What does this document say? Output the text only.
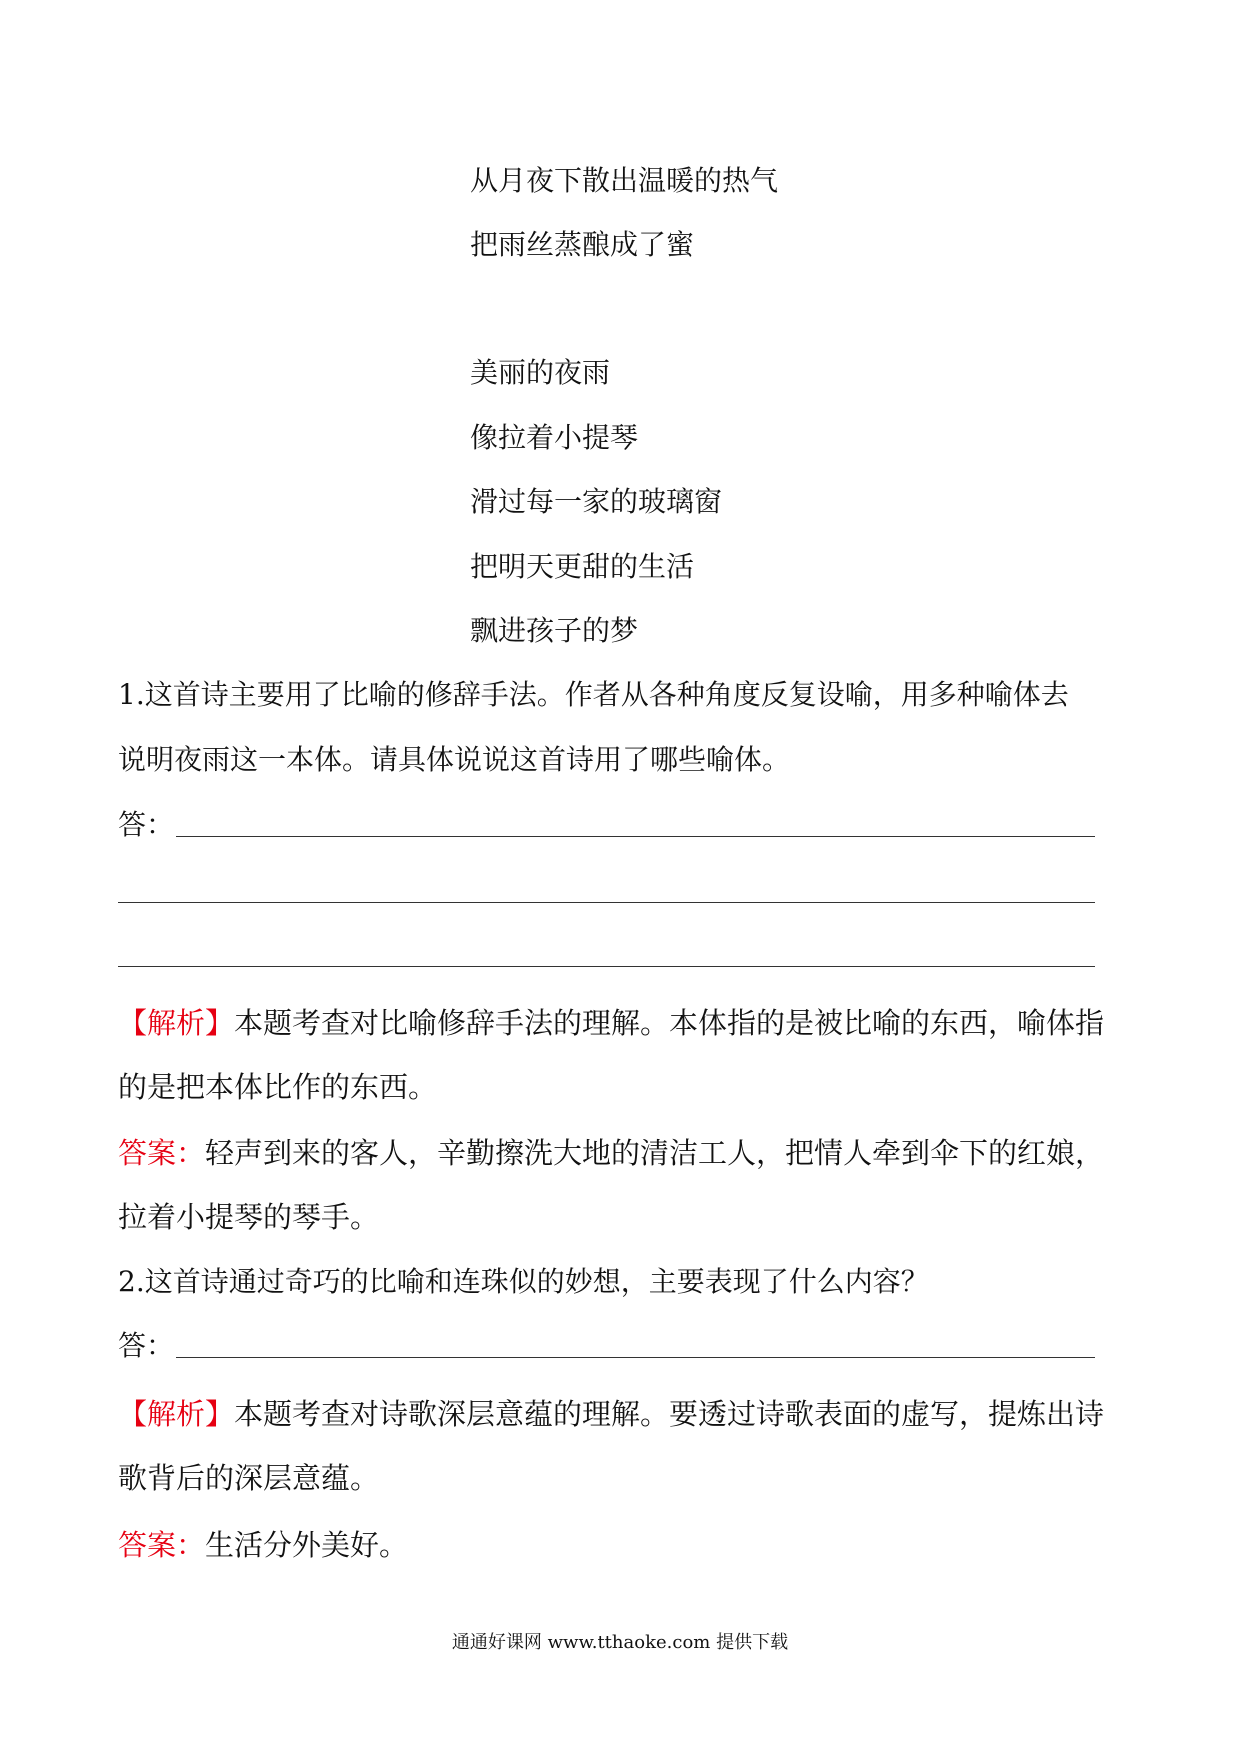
从月夜下散出温暖的热气
把雨丝蒸酿成了蜜
美丽的夜雨
像拉着小提琴
滑过每一家的玻璃窗
把明天更甜的生活
飘进孩子的梦
1.这首诗主要用了比喻的修辞手法。作者从各种角度反复设喻，用多种喻体去
说明夜雨这一本体。请具体说说这首诗用了哪些喻体。
答：
【解析】本题考查对比喻修辞手法的理解。本体指的是被比喻的东西，喻体指的是把本体比作的东西。
答案：轻声到来的客人，辛勤擦洗大地的清洁工人，把情人牵到伞下的红娘，拉着小提琴的琴手。
2.这首诗通过奇巧的比喻和连珠似的妙想，主要表现了什么内容？
答：
【解析】本题考查对诗歌深层意蕴的理解。要透过诗歌表面的虚写，提炼出诗歌背后的深层意蕴。
答案：生活分外美好。
通通好课网 www.tthaoke.com 提供下载
